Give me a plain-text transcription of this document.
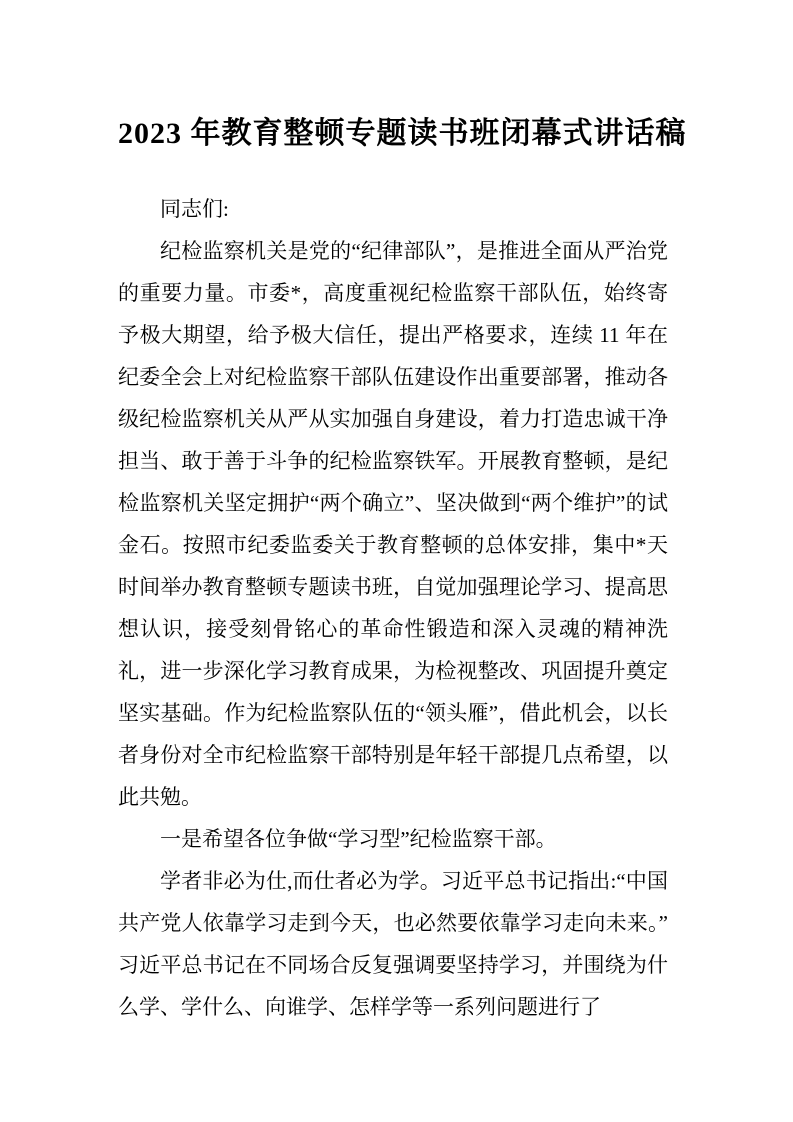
2023 年教育整顿专题读书班闭幕式讲话稿

同志们:

纪检监察机关是党的“纪律部队”，是推进全面从严治党的重要力量。市委*，高度重视纪检监察干部队伍，始终寄予极大期望，给予极大信任，提出严格要求，连续 11 年在纪委全会上对纪检监察干部队伍建设作出重要部署，推动各级纪检监察机关从严从实加强自身建设，着力打造忠诚干净担当、敢于善于斗争的纪检监察铁军。开展教育整顿，是纪检监察机关坚定拥护“两个确立”、坚决做到“两个维护”的试金石。按照市纪委监委关于教育整顿的总体安排，集中*天时间举办教育整顿专题读书班，自觉加强理论学习、提高思想认识，接受刻骨铭心的革命性锻造和深入灵魂的精神洗礼，进一步深化学习教育成果，为检视整改、巩固提升奠定坚实基础。作为纪检监察队伍的“领头雁”，借此机会，以长者身份对全市纪检监察干部特别是年轻干部提几点希望，以此共勉。

一是希望各位争做“学习型”纪检监察干部。

学者非必为仕,而仕者必为学。习近平总书记指出:“中国共产党人依靠学习走到今天，也必然要依靠学习走向未来。”习近平总书记在不同场合反复强调要坚持学习，并围绕为什么学、学什么、向谁学、怎样学等一系列问题进行了
